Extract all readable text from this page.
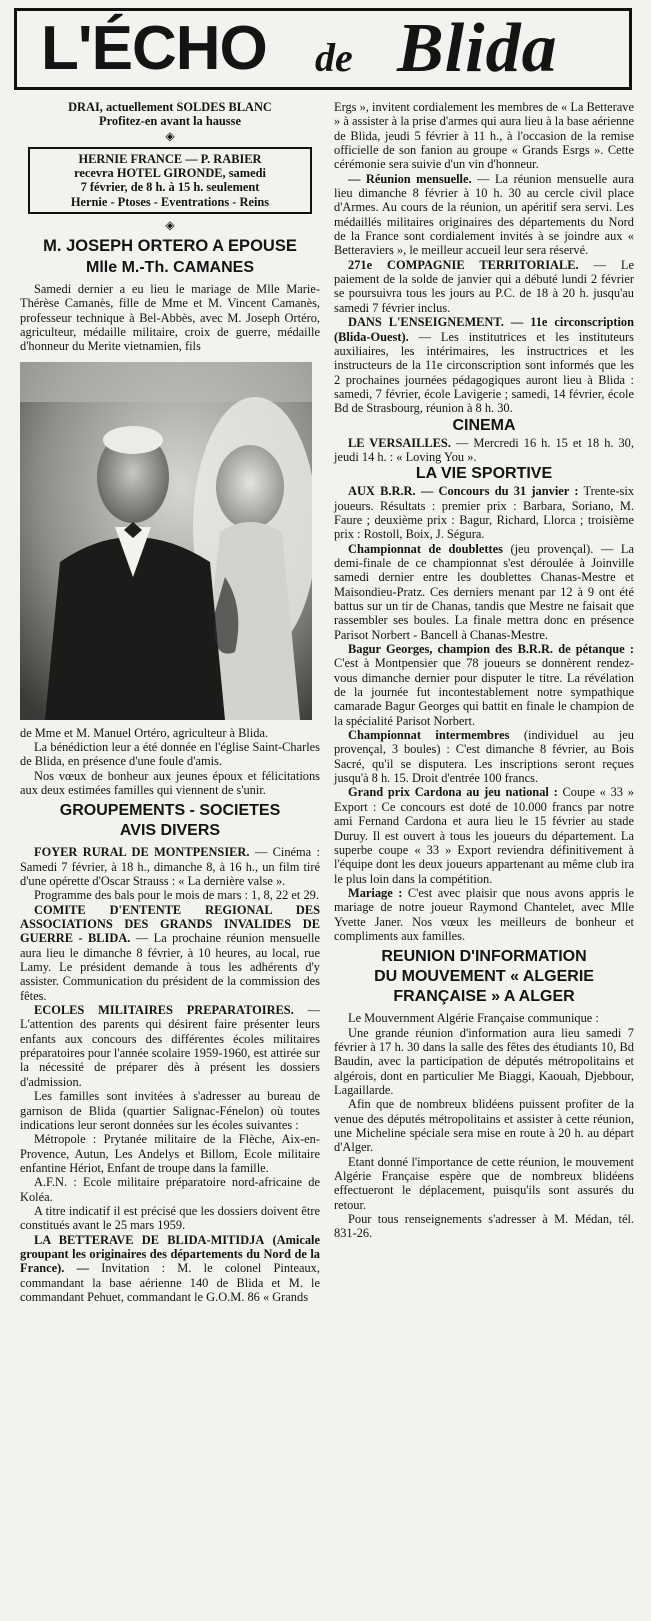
L'ÉCHO de Blida

DRAI, actuellement SOLDES BLANC

Profitez-en avant la hausse

◈

HERNIE FRANCE — P. RABIER

recevra HOTEL GIRONDE, samedi

7 février, de 8 h. à 15 h. seulement

Hernie - Ptoses - Eventrations - Reins

◈
M. JOSEPH ORTERO A EPOUSE
Mlle M.-Th. CAMANES

Samedi dernier a eu lieu le mariage de Mlle Marie-Thérèse Camanès, fille de Mme et M. Vincent Camanès, professeur technique à Bel-Abbès, avec M. Joseph Ortéro, agriculteur, médaille militaire, croix de guerre, médaille d'honneur du Merite vietnamien, fils

de Mme et M. Manuel Ortéro, agriculteur à Blida.

La bénédiction leur a été donnée en l'église Saint-Charles de Blida, en présence d'une foule d'amis.

Nos vœux de bonheur aux jeunes époux et félicitations aux deux estimées familles qui viennent de s'unir.

GROUPEMENTS - SOCIETES
AVIS DIVERS

FOYER RURAL DE MONTPENSIER. — Cinéma : Samedi 7 février, à 18 h., dimanche 8, à 16 h., un film tiré d'une opérette d'Oscar Strauss : « La dernière valse ».

Programme des bals pour le mois de mars : 1, 8, 22 et 29.

COMITE D'ENTENTE REGIONAL DES ASSOCIATIONS DES GRANDS INVALIDES DE GUERRE - BLIDA. — La prochaine réunion mensuelle aura lieu le dimanche 8 février, à 10 heures, au local, rue Lamy. Le président demande à tous les adhérents d'y assister. Communication du président de la commission des fêtes.

ECOLES MILITAIRES PREPARATOIRES. — L'attention des parents qui désirent faire présenter leurs enfants aux concours des différentes écoles militaires préparatoires pour l'année scolaire 1959-1960, est attirée sur la nécessité de préparer dès à présent les dossiers d'admission.

Les familles sont invitées à s'adresser au bureau de garnison de Blida (quartier Salignac-Fénelon) où toutes indications leur seront données sur les écoles suivantes :

Métropole : Prytanée militaire de la Flèche, Aix-en-Provence, Autun, Les Andelys et Billom, Ecole militaire enfantine Hériot, Enfant de troupe dans la famille.

A.F.N. : Ecole militaire préparatoire nord-africaine de Koléa.

A titre indicatif il est précisé que les dossiers doivent être constitués avant le 25 mars 1959.

LA BETTERAVE DE BLIDA-MITIDJA (Amicale groupant les originaires des départements du Nord de la France). — Invitation : M. le colonel Pinteaux, commandant la base aérienne 140 de Blida et M. le commandant Pehuet, commandant le G.O.M. 86 « Grands

Ergs », invitent cordialement les membres de « La Betterave » à assister à la prise d'armes qui aura lieu à la base aérienne de Blida, jeudi 5 février à 11 h., à l'occasion de la remise officielle de son fanion au groupe « Grands Esrgs ». Cette cérémonie sera suivie d'un vin d'honneur.

— Réunion mensuelle. — La réunion mensuelle aura lieu dimanche 8 février à 10 h. 30 au cercle civil place d'Armes. Au cours de la réunion, un apéritif sera servi. Les médaillés militaires originaires des départements du Nord de la France sont cordialement invités à se joindre aux « Betteraviers », le meilleur accueil leur sera réservé.

271e COMPAGNIE TERRITORIALE. — Le paiement de la solde de janvier qui a débuté lundi 2 février se poursuivra tous les jours au P.C. de 18 à 20 h. jusqu'au samedi 7 février inclus.

DANS L'ENSEIGNEMENT. — 11e circonscription (Blida-Ouest). — Les institutrices et les instituteurs auxiliaires, les intérimaires, les instructrices et les instructeurs de la 11e circonscription sont informés que les 2 prochaines journées pédagogiques auront lieu à Blida : samedi, 7 février, école Lavigerie ; samedi, 14 février, école Bd de Strasbourg, réunion à 8 h. 30.

CINEMA

LE VERSAILLES. — Mercredi 16 h. 15 et 18 h. 30, jeudi 14 h. : « Loving You ».

LA VIE SPORTIVE

AUX B.R.R. — Concours du 31 janvier : Trente-six joueurs. Résultats : premier prix : Barbara, Soriano, M. Faure ; deuxième prix : Bagur, Richard, Llorca ; troisième prix : Rostoll, Boix, J. Ségura.

Championnat de doublettes (jeu provençal). — La demi-finale de ce championnat s'est déroulée à Joinville samedi dernier entre les doublettes Chanas-Mestre et Maisondieu-Pratz. Ces derniers menant par 12 à 9 ont été battus sur un tir de Chanas, tandis que Mestre ne faisait que rassembler ses boules. La finale mettra donc en présence Parisot Norbert - Bancell à Chanas-Mestre.

Bagur Georges, champion des B.R.R. de pétanque : C'est à Montpensier que 78 joueurs se donnèrent rendez-vous dimanche dernier pour disputer le titre. La révélation de la journée fut incontestablement notre sympathique camarade Bagur Georges qui battit en finale le champion de la spécialité Parisot Norbert.

Championnat intermembres (individuel au jeu provençal, 3 boules) : C'est dimanche 8 février, au Bois Sacré, qu'il se disputera. Les inscriptions seront reçues jusqu'à 8 h. 15. Droit d'entrée 100 francs.

Grand prix Cardona au jeu national : Coupe « 33 » Export : Ce concours est doté de 10.000 francs par notre ami Fernand Cardona et aura lieu le 15 février au stade Duruy. Il est ouvert à tous les joueurs du département. La superbe coupe « 33 » Export reviendra définitivement à l'équipe dont les deux joueurs appartenant au même club ira le plus loin dans la compétition.

Mariage : C'est avec plaisir que nous avons appris le mariage de notre joueur Raymond Chantelet, avec Mlle Yvette Janer. Nos vœux les meilleurs de bonheur et compliments aux familles.

REUNION D'INFORMATION
DU MOUVEMENT « ALGERIE
FRANÇAISE » A ALGER

Le Mouvernment Algérie Française communique :

Une grande réunion d'information aura lieu samedi 7 février à 17 h. 30 dans la salle des fêtes des étudiants 10, Bd Baudin, avec la participation de députés métropolitains et algérois, dont en particulier Me Biaggi, Kaouah, Djebbour, Lagaillarde.

Afin que de nombreux blidéens puissent profiter de la venue des députés métropolitains et assister à cette réunion, une Micheline spéciale sera mise en route à 20 h. au départ d'Alger.

Etant donné l'importance de cette réunion, le mouvement Algérie Française espère que de nombreux blidéens effectueront le déplacement, puisqu'ils sont assurés du retour.

Pour tous renseignements s'adresser à M. Médan, tél. 831-26.
